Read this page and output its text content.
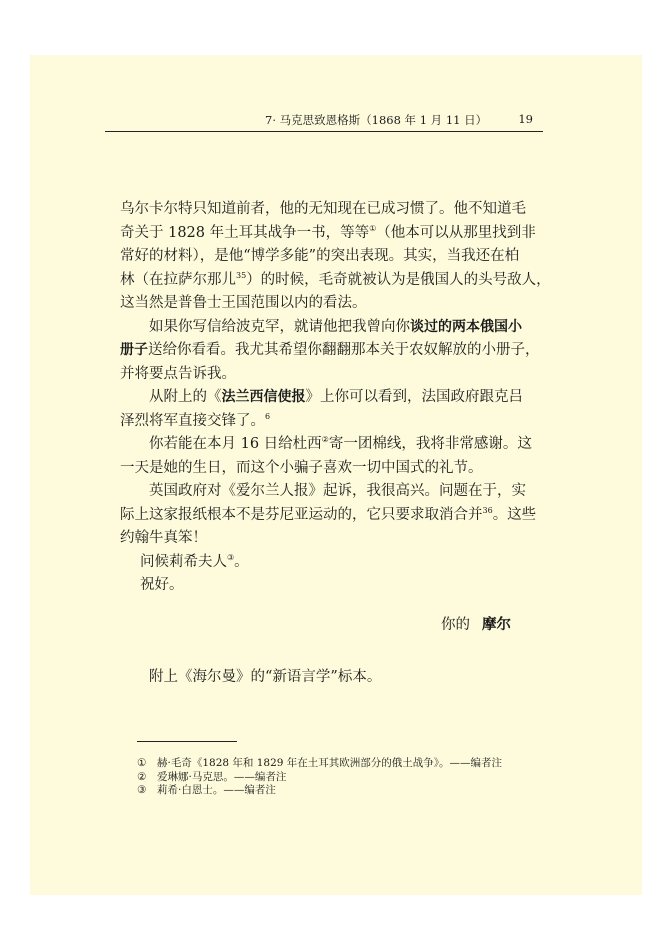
7· 马克思致恩格斯（1868 年 1 月 11 日）	19
乌尔卡尔特只知道前者，他的无知现在已成习惯了。他不知道毛
奇关于 1828 年土耳其战争一书，等等①（他本可以从那里找到非
常好的材料），是他“博学多能”的突出表现。其实，当我还在柏
林（在拉萨尔那儿$^{35}$）的时候，毛奇就被认为是俄国人的头号敌人，
这当然是普鲁士王国范围以内的看法。
如果你写信给波克罕，就请他把我曾向你谈过的两本俄国小
册子送给你看看。我尤其希望你翻翻那本关于农奴解放的小册子，
并将要点告诉我。
从附上的《法兰西信使报》上你可以看到，法国政府跟克吕
泽烈将军直接交锋了。$^6$
你若能在本月 16 日给杜西②寄一团棉线，我将非常感谢。这
一天是她的生日，而这个小骗子喜欢一切中国式的礼节。
英国政府对《爱尔兰人报》起诉，我很高兴。问题在于，实
际上这家报纸根本不是芬尼亚运动的，它只要求取消合并$^{36}$。这些
约翰牛真笨！
问候莉希夫人③。
祝好。
你的 摩尔
附上《海尔曼》的“新语言学”标本。
① 赫·毛奇《1828 年和 1829 年在土耳其欧洲部分的俄土战争》。——编者注
② 爱琳娜·马克思。——编者注
③ 莉希·白恩士。——编者注
